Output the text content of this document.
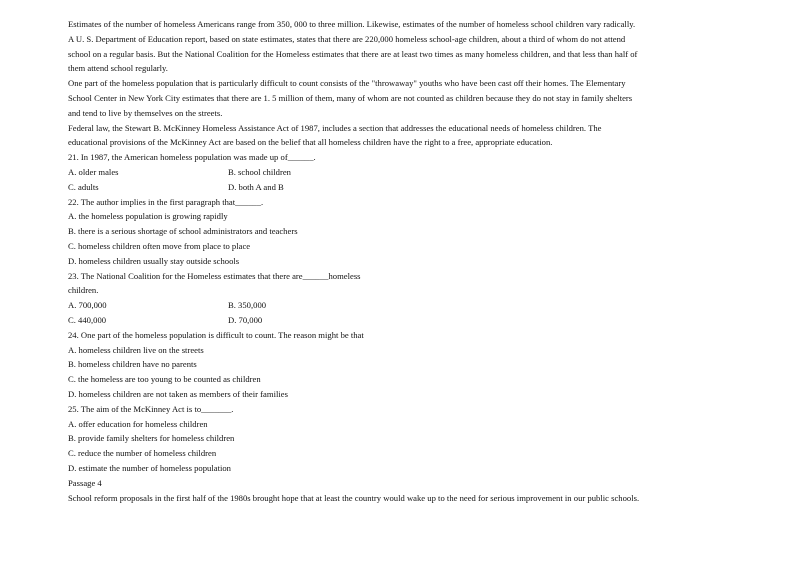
Estimates of the number of homeless Americans range from 350, 000 to three million. Likewise, estimates of the number of homeless school children vary radically.
A U. S. Department of Education report, based on state estimates, states that there are 220,000 homeless school-age children, about a third of whom do not attend
school on a regular basis. But the National Coalition for the Homeless estimates that there are at least two times as many homeless children, and that less than half of
them attend school regularly.
One part of the homeless population that is particularly difficult to count consists of the "throwaway" youths who have been cast off their homes. The Elementary
School Center in New York City estimates that there are 1. 5 million of them, many of whom are not counted as children because they do not stay in family shelters
and tend to live by themselves on the streets.
Federal law, the Stewart B. McKinney Homeless Assistance Act of 1987, includes a section that addresses the educational needs of homeless children. The
educational provisions of the McKinney Act are based on the belief that all homeless children have the right to a free, appropriate education.
21. In 1987, the American homeless population was made up of______.
A. older males	B. school children
C. adults	D. both A and B
22. The author implies in the first paragraph that______.
A. the homeless population is growing rapidly
B. there is a serious shortage of school administrators and teachers
C. homeless children often move from place to place
D. homeless children usually stay outside schools
23. The National Coalition for the Homeless estimates that there are______homeless
children.
A. 700,000	B. 350,000
C. 440,000	D. 70,000
24. One part of the homeless population is difficult to count. The reason might be that
A. homeless children live on the streets
B. homeless children have no parents
C. the homeless are too young to be counted as children
D. homeless children are not taken as members of their families
25. The aim of the McKinney Act is to_______.
A. offer education for homeless children
B. provide family shelters for homeless children
C. reduce the number of homeless children
D. estimate the number of homeless population
Passage 4
School reform proposals in the first half of the 1980s brought hope that at least the country would wake up to the need for serious improvement in our public schools.
